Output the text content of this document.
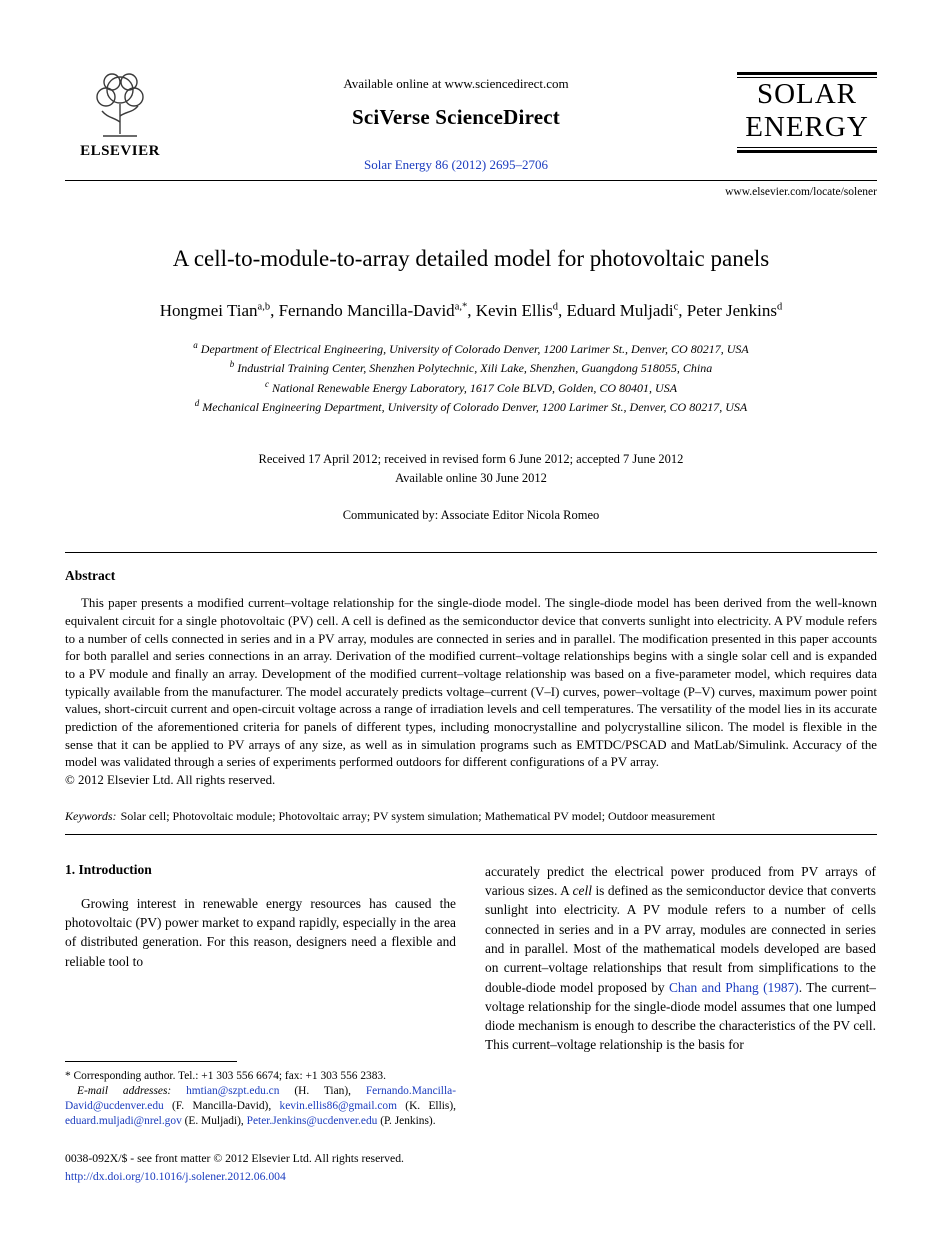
ELSEVIER
Available online at www.sciencedirect.com
SciVerse ScienceDirect
Solar Energy 86 (2012) 2695–2706
SOLAR
ENERGY
www.elsevier.com/locate/solener
A cell-to-module-to-array detailed model for photovoltaic panels
Hongmei Tian$^{a,b}$, Fernando Mancilla-David$^{a,*}$, Kevin Ellis$^d$, Eduard Muljadi$^c$, Peter Jenkins$^d$
$^a$ Department of Electrical Engineering, University of Colorado Denver, 1200 Larimer St., Denver, CO 80217, USA
$^b$ Industrial Training Center, Shenzhen Polytechnic, Xili Lake, Shenzhen, Guangdong 518055, China
$^c$ National Renewable Energy Laboratory, 1617 Cole BLVD, Golden, CO 80401, USA
$^d$ Mechanical Engineering Department, University of Colorado Denver, 1200 Larimer St., Denver, CO 80217, USA
Received 17 April 2012; received in revised form 6 June 2012; accepted 7 June 2012
Available online 30 June 2012
Communicated by: Associate Editor Nicola Romeo
Abstract

This paper presents a modified current–voltage relationship for the single-diode model. The single-diode model has been derived from the well-known equivalent circuit for a single photovoltaic (PV) cell. A cell is defined as the semiconductor device that converts sunlight into electricity. A PV module refers to a number of cells connected in series and in a PV array, modules are connected in series and in parallel. The modification presented in this paper accounts for both parallel and series connections in an array. Derivation of the modified current–voltage relationships begins with a single solar cell and is expanded to a PV module and finally an array. Development of the modified current–voltage relationship was based on a five-parameter model, which requires data typically available from the manufacturer. The model accurately predicts voltage–current (V–I) curves, power–voltage (P–V) curves, maximum power point values, short-circuit current and open-circuit voltage across a range of irradiation levels and cell temperatures. The versatility of the model lies in its accurate prediction of the aforementioned criteria for panels of different types, including monocrystalline and polycrystalline silicon. The model is flexible in the sense that it can be applied to PV arrays of any size, as well as in simulation programs such as EMTDC/PSCAD and MatLab/Simulink. Accuracy of the model was validated through a series of experiments performed outdoors for different configurations of a PV array.

© 2012 Elsevier Ltd. All rights reserved.

Keywords: Solar cell; Photovoltaic module; Photovoltaic array; PV system simulation; Mathematical PV model; Outdoor measurement

1. Introduction

Growing interest in renewable energy resources has caused the photovoltaic (PV) power market to expand rapidly, especially in the area of distributed generation. For this reason, designers need a flexible and reliable tool to

* Corresponding author. Tel.: +1 303 556 6674; fax: +1 303 556 2383.

E-mail addresses: hmtian@szpt.edu.cn (H. Tian), Fernando.Mancilla-David@ucdenver.edu (F. Mancilla-David), kevin.ellis86@gmail.com (K. Ellis), eduard.muljadi@nrel.gov (E. Muljadi), Peter.Jenkins@ucdenver.edu (P. Jenkins).

accurately predict the electrical power produced from PV arrays of various sizes. A cell is defined as the semiconductor device that converts sunlight into electricity. A PV module refers to a number of cells connected in series and in a PV array, modules are connected in series and in parallel. Most of the mathematical models developed are based on current–voltage relationships that result from simplifications to the double-diode model proposed by Chan and Phang (1987). The current–voltage relationship for the single-diode model assumes that one lumped diode mechanism is enough to describe the characteristics of the PV cell. This current–voltage relationship is the basis for

0038-092X/$ - see front matter © 2012 Elsevier Ltd. All rights reserved.
http://dx.doi.org/10.1016/j.solener.2012.06.004
